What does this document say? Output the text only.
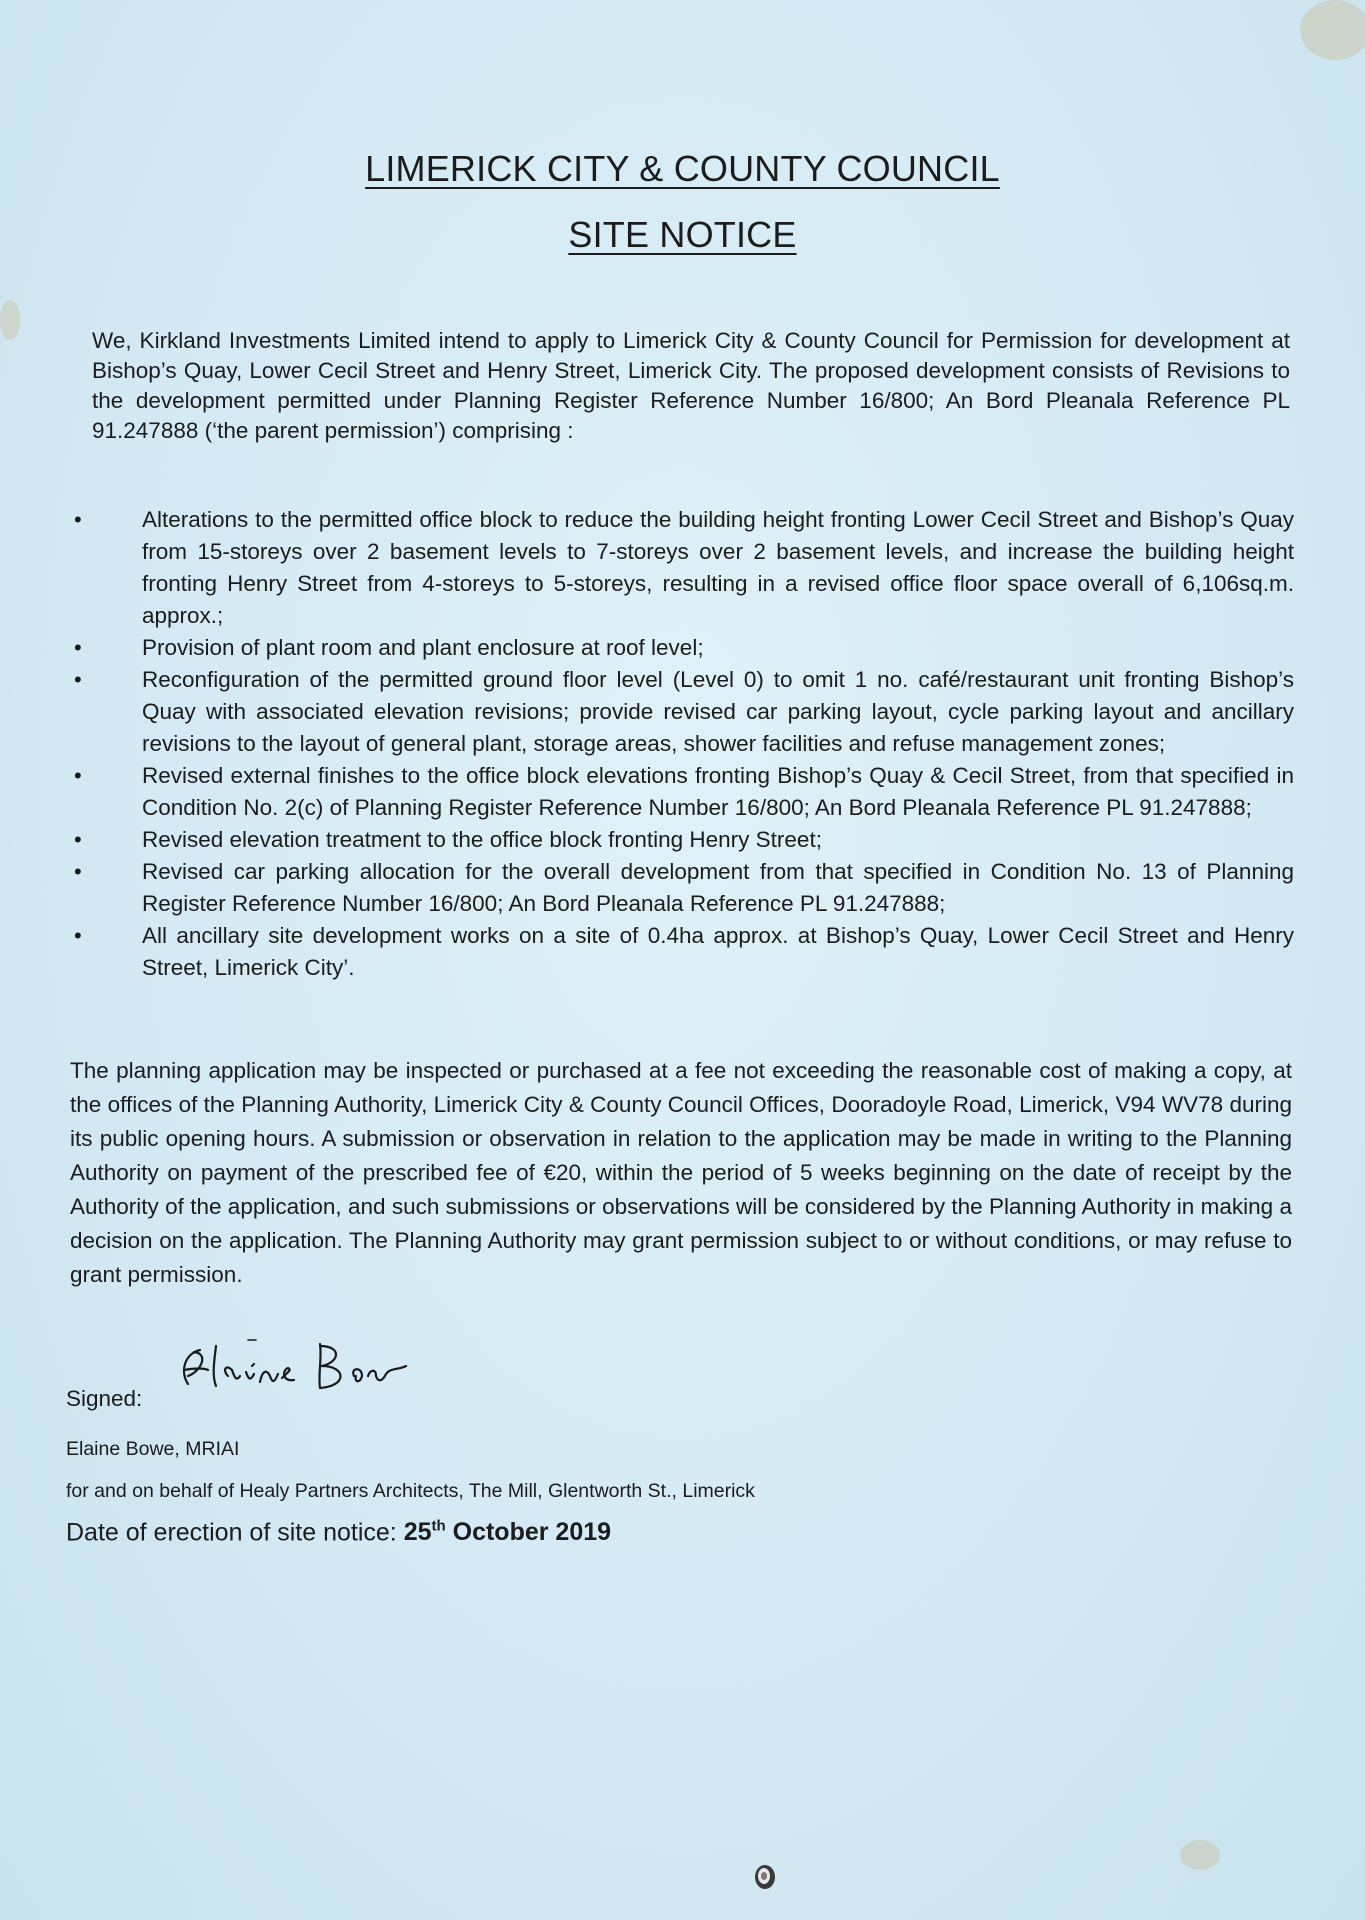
LIMERICK CITY & COUNTY COUNCIL
SITE NOTICE
We, Kirkland Investments Limited intend to apply to Limerick City & County Council for Permission for development at Bishop’s Quay, Lower Cecil Street and Henry Street, Limerick City. The proposed development consists of Revisions to the development permitted under Planning Register Reference Number 16/800; An Bord Pleanala Reference PL 91.247888 (‘the parent permission’) comprising :
•	Alterations to the permitted office block to reduce the building height fronting Lower Cecil Street and Bishop’s Quay from 15-storeys over 2 basement levels to 7-storeys over 2 basement levels, and increase the building height fronting Henry Street from 4-storeys to 5-storeys, resulting in a revised office floor space overall of 6,106sq.m. approx.;
•	Provision of plant room and plant enclosure at roof level;
•	Reconfiguration of the permitted ground floor level (Level 0) to omit 1 no. café/restaurant unit fronting Bishop’s Quay with associated elevation revisions; provide revised car parking layout, cycle parking layout and ancillary revisions to the layout of general plant, storage areas, shower facilities and refuse management zones;
•	Revised external finishes to the office block elevations fronting Bishop’s Quay & Cecil Street, from that specified in Condition No. 2(c) of Planning Register Reference Number 16/800; An Bord Pleanala Reference PL 91.247888;
•	Revised elevation treatment to the office block fronting Henry Street;
•	Revised car parking allocation for the overall development from that specified in Condition No. 13 of Planning Register Reference Number 16/800; An Bord Pleanala Reference PL 91.247888;
•	All ancillary site development works on a site of 0.4ha approx. at Bishop’s Quay, Lower Cecil Street and Henry Street, Limerick City’.
The planning application may be inspected or purchased at a fee not exceeding the reasonable cost of making a copy, at the offices of the Planning Authority, Limerick City & County Council Offices, Dooradoyle Road, Limerick, V94 WV78 during its public opening hours. A submission or observation in relation to the application may be made in writing to the Planning Authority on payment of the prescribed fee of €20, within the period of 5 weeks beginning on the date of receipt by the Authority of the application, and such submissions or observations will be considered by the Planning Authority in making a decision on the application. The Planning Authority may grant permission subject to or without conditions, or may refuse to grant permission.
Signed:
Elaine Bowe, MRIAI
for and on behalf of Healy Partners Architects, The Mill, Glentworth St., Limerick
Date of erection of site notice: 25th October 2019
